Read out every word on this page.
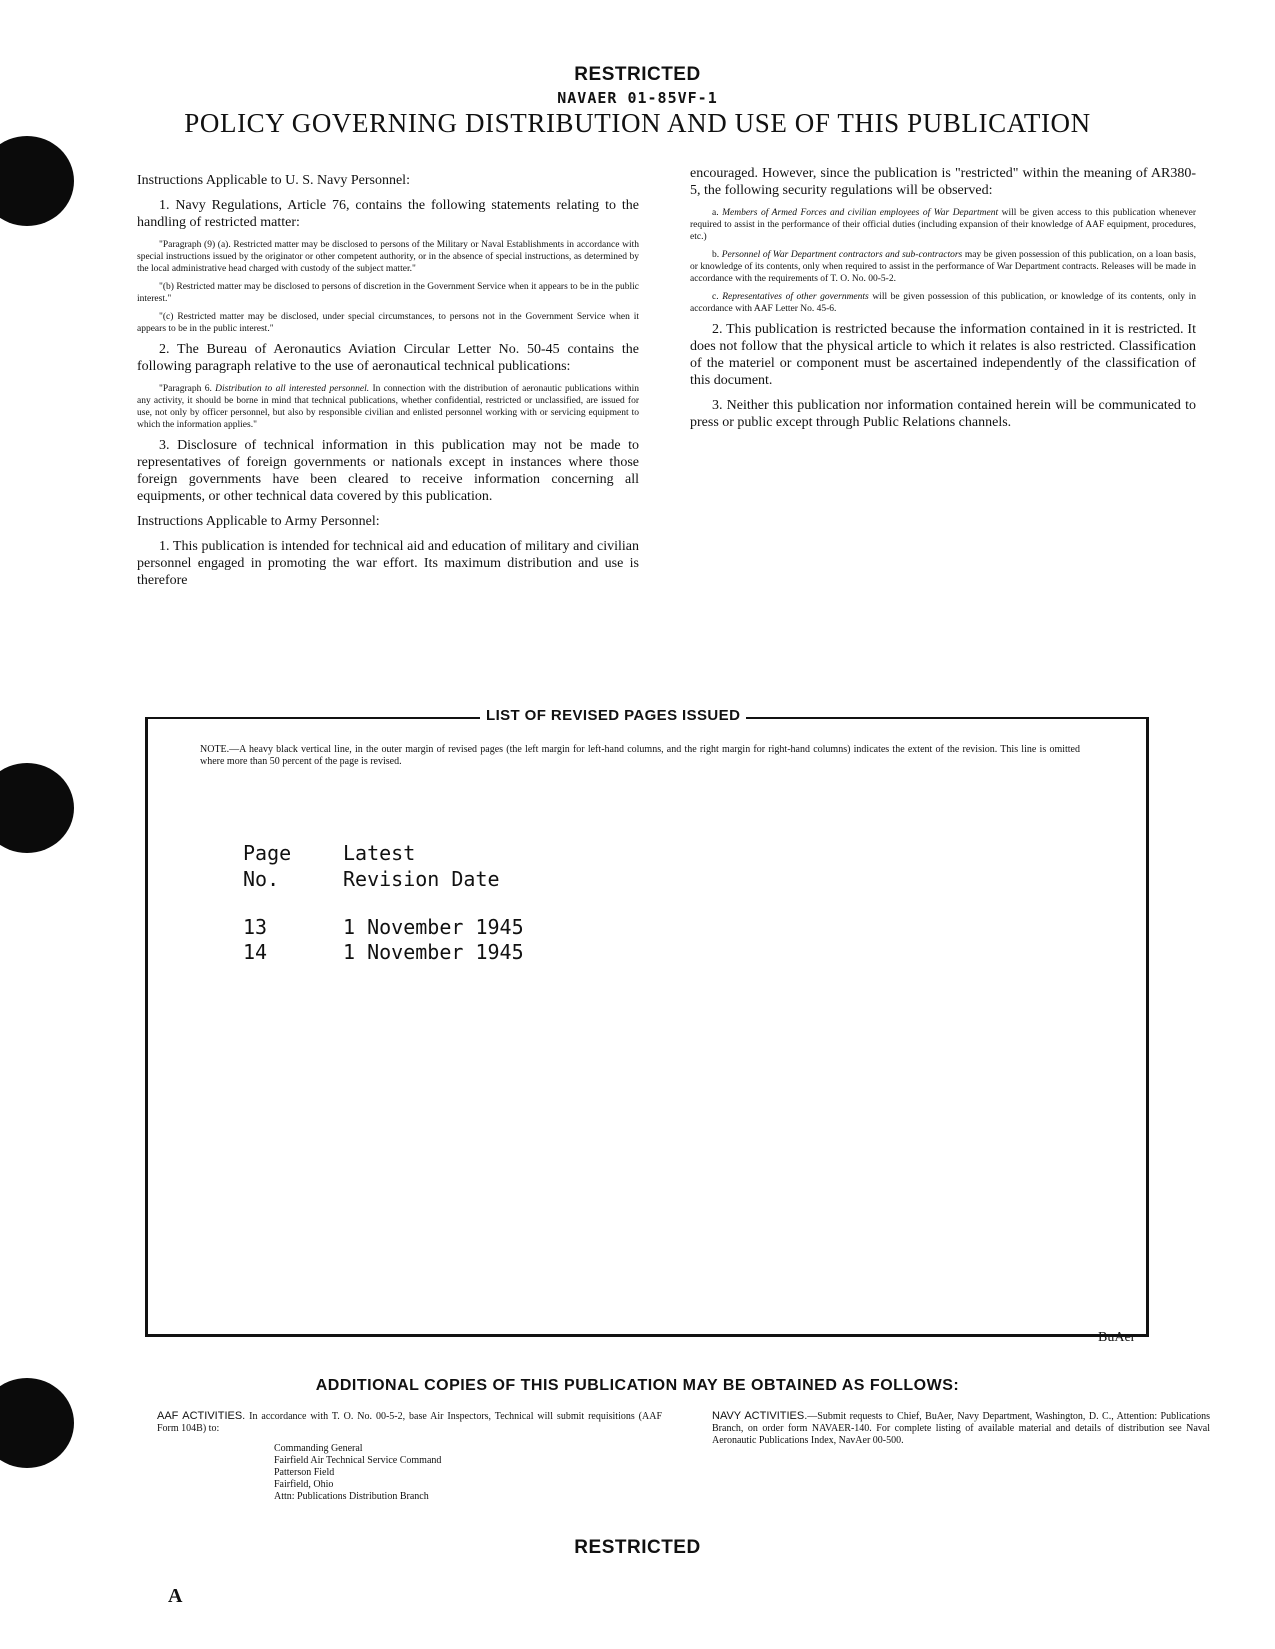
RESTRICTED
NAVAER 01-85VF-1
POLICY GOVERNING DISTRIBUTION AND USE OF THIS PUBLICATION

Instructions Applicable to U. S. Navy Personnel:

1. Navy Regulations, Article 76, contains the following statements relating to the handling of restricted matter:

"Paragraph (9) (a). Restricted matter may be disclosed to persons of the Military or Naval Establishments in accordance with special instructions issued by the originator or other competent authority, or in the absence of special instructions, as determined by the local administrative head charged with custody of the subject matter."

"(b) Restricted matter may be disclosed to persons of discretion in the Government Service when it appears to be in the public interest."

"(c) Restricted matter may be disclosed, under special circumstances, to persons not in the Government Service when it appears to be in the public interest."

2. The Bureau of Aeronautics Aviation Circular Letter No. 50-45 contains the following paragraph relative to the use of aeronautical technical publications:

"Paragraph 6. Distribution to all interested personnel. In connection with the distribution of aeronautic publications within any activity, it should be borne in mind that technical publications, whether confidential, restricted or unclassified, are issued for use, not only by officer personnel, but also by responsible civilian and enlisted personnel working with or servicing equipment to which the information applies."

3. Disclosure of technical information in this publication may not be made to representatives of foreign governments or nationals except in instances where those foreign governments have been cleared to receive information concerning all equipments, or other technical data covered by this publication.

Instructions Applicable to Army Personnel:

1. This publication is intended for technical aid and education of military and civilian personnel engaged in promoting the war effort. Its maximum distribution and use is therefore

encouraged. However, since the publication is "restricted" within the meaning of AR380-5, the following security regulations will be observed:

a. Members of Armed Forces and civilian employees of War Department will be given access to this publication whenever required to assist in the performance of their official duties (including expansion of their knowledge of AAF equipment, procedures, etc.)

b. Personnel of War Department contractors and sub-contractors may be given possession of this publication, on a loan basis, or knowledge of its contents, only when required to assist in the performance of War Department contracts. Releases will be made in accordance with the requirements of T. O. No. 00-5-2.

c. Representatives of other governments will be given possession of this publication, or knowledge of its contents, only in accordance with AAF Letter No. 45-6.

2. This publication is restricted because the information contained in it is restricted. It does not follow that the physical article to which it relates is also restricted. Classification of the materiel or component must be ascertained independently of the classification of this document.

3. Neither this publication nor information contained herein will be communicated to press or public except through Public Relations channels.

LIST OF REVISED PAGES ISSUED
NOTE.—A heavy black vertical line, in the outer margin of revised pages (the left margin for left-hand columns, and the right margin for right-hand columns) indicates the extent of the revision. This line is omitted where more than 50 percent of the page is revised.
Page
No.
Latest
Revision Date
13	1 November 1945
14	1 November 1945
BuAer
ADDITIONAL COPIES OF THIS PUBLICATION MAY BE OBTAINED AS FOLLOWS:
AAF ACTIVITIES. In accordance with T. O. No. 00-5-2, base Air Inspectors, Technical will submit requisitions (AAF Form 104B) to:
Commanding General
Fairfield Air Technical Service Command
Patterson Field
Fairfield, Ohio
Attn: Publications Distribution Branch
NAVY ACTIVITIES.—Submit requests to Chief, BuAer, Navy Department, Washington, D. C., Attention: Publications Branch, on order form NAVAER-140. For complete listing of available material and details of distribution see Naval Aeronautic Publications Index, NavAer 00-500.
RESTRICTED
A
